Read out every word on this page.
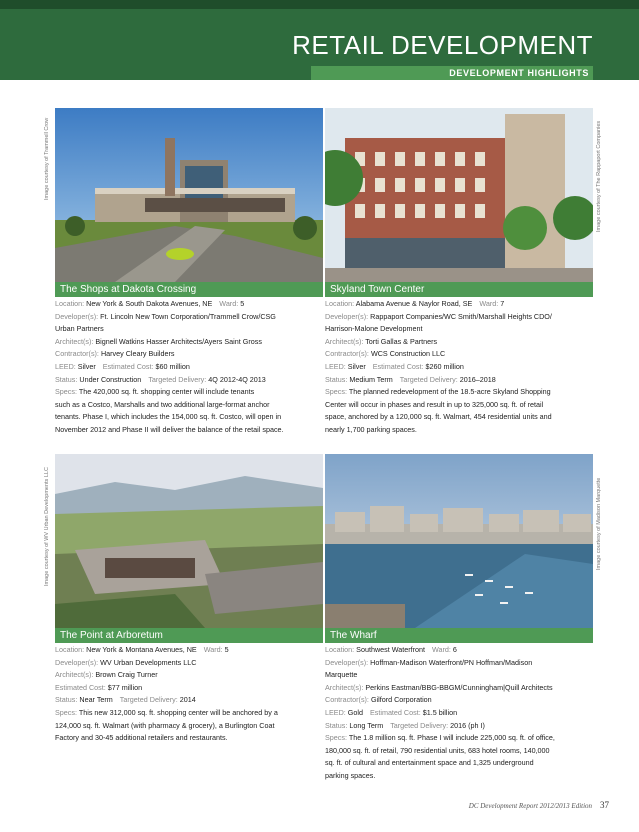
RETAIL DEVELOPMENT
DEVELOPMENT HIGHLIGHTS
The Shops at Dakota Crossing
Location: New York & South Dakota Avenues, NE Ward: 5
Developer(s): Ft. Lincoln New Town Corporation/Trammell Crow/CSG
Urban Partners
Architect(s): Bignell Watkins Hasser Architects/Ayers Saint Gross
Contractor(s): Harvey Cleary Builders
LEED: Silver Estimated Cost: $60 million
Status: Under Construction Targeted Delivery: 4Q 2012-4Q 2013
Specs: The 420,000 sq. ft. shopping center will include tenants
such as a Costco, Marshalls and two additional large-format anchor
tenants. Phase I, which includes the 154,000 sq. ft. Costco, will open in
November 2012 and Phase II will deliver the balance of the retail space.
Image courtesy of Trammell Crow
Skyland Town Center
Location: Alabama Avenue & Naylor Road, SE Ward: 7
Developer(s): Rappaport Companies/WC Smith/Marshall Heights CDO/
Harrison-Malone Development
Architect(s): Torti Gallas & Partners
Contractor(s): WCS Construction LLC
LEED: Silver Estimated Cost: $260 million
Status: Medium Term Targeted Delivery: 2016–2018
Specs: The planned redevelopment of the 18.5-acre Skyland Shopping
Center will occur in phases and result in up to 325,000 sq. ft. of retail
space, anchored by a 120,000 sq. ft. Walmart, 454 residential units and
nearly 1,700 parking spaces.
Image courtesy of The Rappaport Companies
The Point at Arboretum
Location: New York & Montana Avenues, NE Ward: 5
Developer(s): WV Urban Developments LLC
Architect(s): Brown Craig Turner
Estimated Cost: $77 million
Status: Near Term Targeted Delivery: 2014
Specs: This new 312,000 sq. ft. shopping center will be anchored by a
124,000 sq. ft. Walmart (with pharmacy & grocery), a Burlington Coat
Factory and 30-45 additional retailers and restaurants.
Image courtesy of WV Urban Developments LLC
The Wharf
Location: Southwest Waterfront Ward: 6
Developer(s): Hoffman-Madison Waterfront/PN Hoffman/Madison
Marquette
Architect(s): Perkins Eastman/BBG-BBGM/Cunningham|Quill Architects
Contractor(s): Gilford Corporation
LEED: Gold Estimated Cost: $1.5 billion
Status: Long Term Targeted Delivery: 2016 (ph I)
Specs: The 1.8 million sq. ft. Phase I will include 225,000 sq. ft. of office,
180,000 sq. ft. of retail, 790 residential units, 683 hotel rooms, 140,000
sq. ft. of cultural and entertainment space and 1,325 underground
parking spaces.
Image courtesy of Madison Marquette
DC Development Report 2012/2013 Edition 37
